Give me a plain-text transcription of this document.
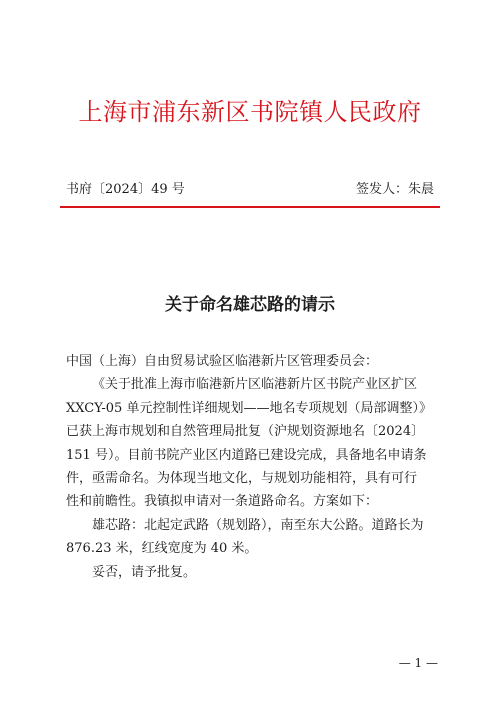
上海市浦东新区书院镇人民政府
书府〔2024〕49 号	签发人：朱晨
关于命名雄芯路的请示

中国（上海）自由贸易试验区临港新片区管理委员会：

《关于批准上海市临港新片区临港新片区书院产业区扩区

XXCY-05 单元控制性详细规划——地名专项规划（局部调整）》

已获上海市规划和自然管理局批复（沪规划资源地名〔2024〕

151 号）。目前书院产业区内道路已建设完成，具备地名申请条

件，亟需命名。为体现当地文化，与规划功能相符，具有可行

性和前瞻性。我镇拟申请对一条道路命名。方案如下：

雄芯路：北起定武路（规划路），南至东大公路。道路长为

876.23 米，红线宽度为 40 米。

妥否，请予批复。

— 1 —
